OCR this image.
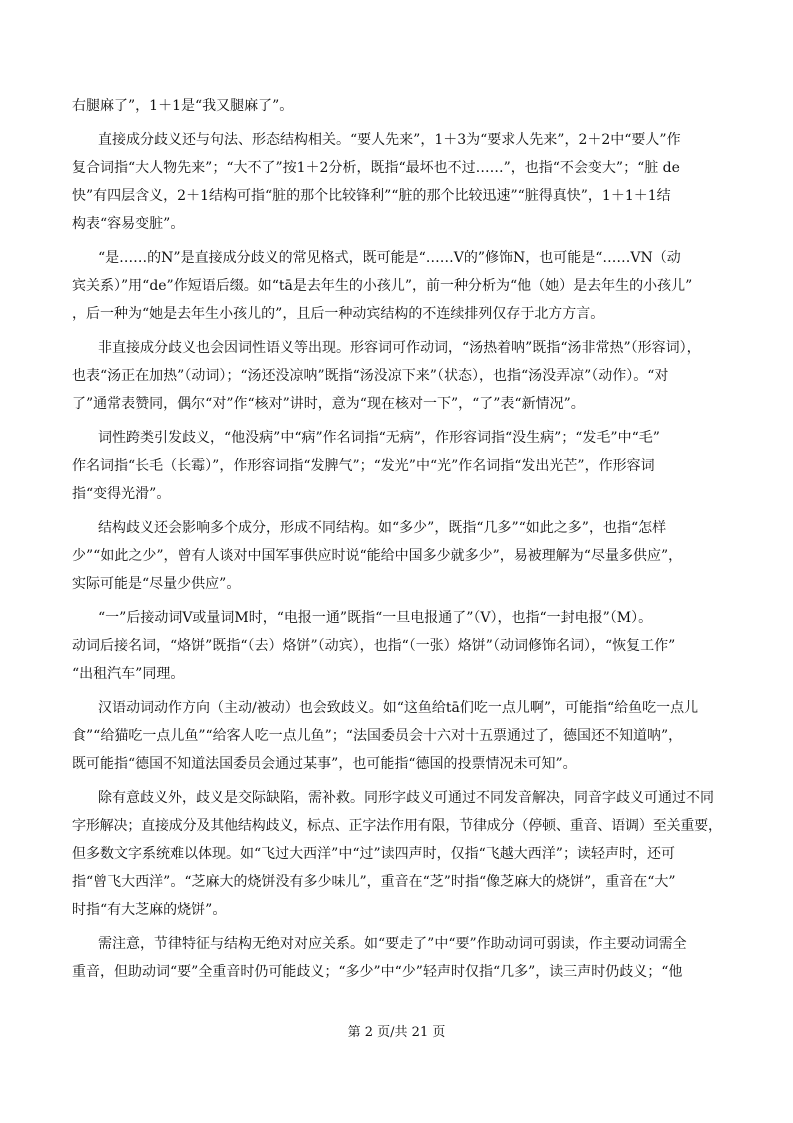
右腿麻了”，1＋1是“我又腿麻了”。
直接成分歧义还与句法、形态结构相关。“要人先来”，1＋3为“要求人先来”，2＋2中“要人”作
复合词指“大人物先来”；“大不了”按1＋2分析，既指“最坏也不过……”，也指“不会变大”；“脏 de
快”有四层含义，2＋1结构可指“脏的那个比较锋利”“脏的那个比较迅速”“脏得真快”，1＋1＋1结
构表“容易变脏”。
“是……的N”是直接成分歧义的常见格式，既可能是“……V的”修饰N，也可能是“……VN（动
宾关系）”用“de”作短语后缀。如“tā是去年生的小孩儿”，前一种分析为“他（她）是去年生的小孩儿”
，后一种为“她是去年生小孩儿的”，且后一种动宾结构的不连续排列仅存于北方方言。
非直接成分歧义也会因词性语义等出现。形容词可作动词，“汤热着呐”既指“汤非常热”（形容词），
也表“汤正在加热”（动词）；“汤还没凉呐”既指“汤没凉下来”（状态），也指“汤没弄凉”（动作）。“对
了”通常表赞同，偶尔“对”作“核对”讲时，意为“现在核对一下”，“了”表“新情况”。
词性跨类引发歧义，“他没病”中“病”作名词指“无病”，作形容词指“没生病”；“发毛”中“毛”
作名词指“长毛（长霉）”，作形容词指“发脾气”；“发光”中“光”作名词指“发出光芒”，作形容词
指“变得光滑”。
结构歧义还会影响多个成分，形成不同结构。如“多少”，既指“几多”“如此之多”，也指“怎样
少”“如此之少”，曾有人谈对中国军事供应时说“能给中国多少就多少”，易被理解为“尽量多供应”，
实际可能是“尽量少供应”。
“一”后接动词V或量词M时，“电报一通”既指“一旦电报通了”（V），也指“一封电报”（M）。
动词后接名词，“烙饼”既指“（去）烙饼”（动宾），也指“（一张）烙饼”（动词修饰名词），“恢复工作”
“出租汽车”同理。
汉语动词动作方向（主动/被动）也会致歧义。如“这鱼给tā们吃一点儿啊”，可能指“给鱼吃一点儿
食”“给猫吃一点儿鱼”“给客人吃一点儿鱼”；“法国委员会十六对十五票通过了，德国还不知道呐”，
既可能指“德国不知道法国委员会通过某事”，也可能指“德国的投票情况未可知”。
除有意歧义外，歧义是交际缺陷，需补救。同形字歧义可通过不同发音解决，同音字歧义可通过不同
字形解决；直接成分及其他结构歧义，标点、正字法作用有限，节律成分（停顿、重音、语调）至关重要，
但多数文字系统难以体现。如“飞过大西洋”中“过”读四声时，仅指“飞越大西洋”；读轻声时，还可
指“曾飞大西洋”。“芝麻大的烧饼没有多少味儿”，重音在“芝”时指“像芝麻大的烧饼”，重音在“大”
时指“有大芝麻的烧饼”。
需注意，节律特征与结构无绝对对应关系。如“要走了”中“要”作助动词可弱读，作主要动词需全
重音，但助动词“要”全重音时仍可能歧义；“多少”中“少”轻声时仅指“几多”，读三声时仍歧义；“他
第 2 页/共 21 页
